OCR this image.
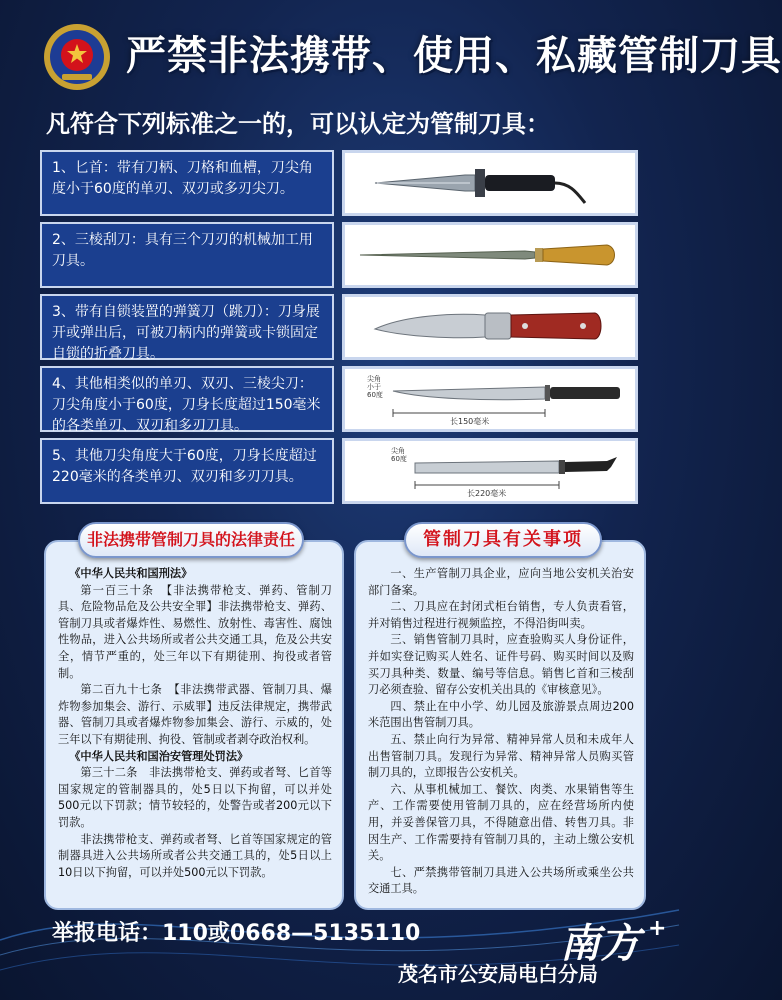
严禁非法携带、使用、私藏管制刀具
凡符合下列标准之一的，可以认定为管制刀具：
1、匕首：带有刀柄、刀格和血槽，刀尖角度小于60度的单刃、双刃或多刃尖刀。
2、三棱刮刀：具有三个刀刃的机械加工用刀具。
3、带有自锁装置的弹簧刀（跳刀）：刀身展开或弹出后，可被刀柄内的弹簧或卡锁固定自锁的折叠刀具。
4、其他相类似的单刃、双刃、三棱尖刀：刀尖角度小于60度，刀身长度超过150毫米的各类单刃、双刃和多刃刀具。
尖角
小于
60度
长150毫米
5、其他刀尖角度大于60度，刀身长度超过220毫米的各类单刃、双刃和多刃刀具。
尖角
60度
长220毫米

《中华人民共和国刑法》

第一百三十条　【非法携带枪支、弹药、管制刀具、危险物品危及公共安全罪】非法携带枪支、弹药、管制刀具或者爆炸性、易燃性、放射性、毒害性、腐蚀性物品，进入公共场所或者公共交通工具，危及公共安全，情节严重的，处三年以下有期徒刑、拘役或者管制。

第二百九十七条　【非法携带武器、管制刀具、爆炸物参加集会、游行、示威罪】违反法律规定，携带武器、管制刀具或者爆炸物参加集会、游行、示威的，处三年以下有期徒刑、拘役、管制或者剥夺政治权利。

《中华人民共和国治安管理处罚法》

第三十二条　非法携带枪支、弹药或者弩、匕首等国家规定的管制器具的，处5日以下拘留，可以并处500元以下罚款；情节较轻的，处警告或者200元以下罚款。

非法携带枪支、弹药或者弩、匕首等国家规定的管制器具进入公共场所或者公共交通工具的，处5日以上10日以下拘留，可以并处500元以下罚款。

非法携带管制刀具的法律责任

一、生产管制刀具企业，应向当地公安机关治安部门备案。

二、刀具应在封闭式柜台销售，专人负责看管，并对销售过程进行视频监控，不得沿街叫卖。

三、销售管制刀具时，应查验购买人身份证件，并如实登记购买人姓名、证件号码、购买时间以及购买刀具种类、数量、编号等信息。销售匕首和三棱刮刀必须查验、留存公安机关出具的《审核意见》。

四、禁止在中小学、幼儿园及旅游景点周边200米范围出售管制刀具。

五、禁止向行为异常、精神异常人员和未成年人出售管制刀具。发现行为异常、精神异常人员购买管制刀具的，立即报告公安机关。

六、从事机械加工、餐饮、肉类、水果销售等生产、工作需要使用管制刀具的，应在经营场所内使用，并妥善保管刀具，不得随意出借、转售刀具。非因生产、工作需要持有管制刀具的，主动上缴公安机关。

七、严禁携带管制刀具进入公共场所或乘坐公共交通工具。

管制刀具有关事项
举报电话：110或0668—5135110	南方 +
茂名市公安局电白分局
